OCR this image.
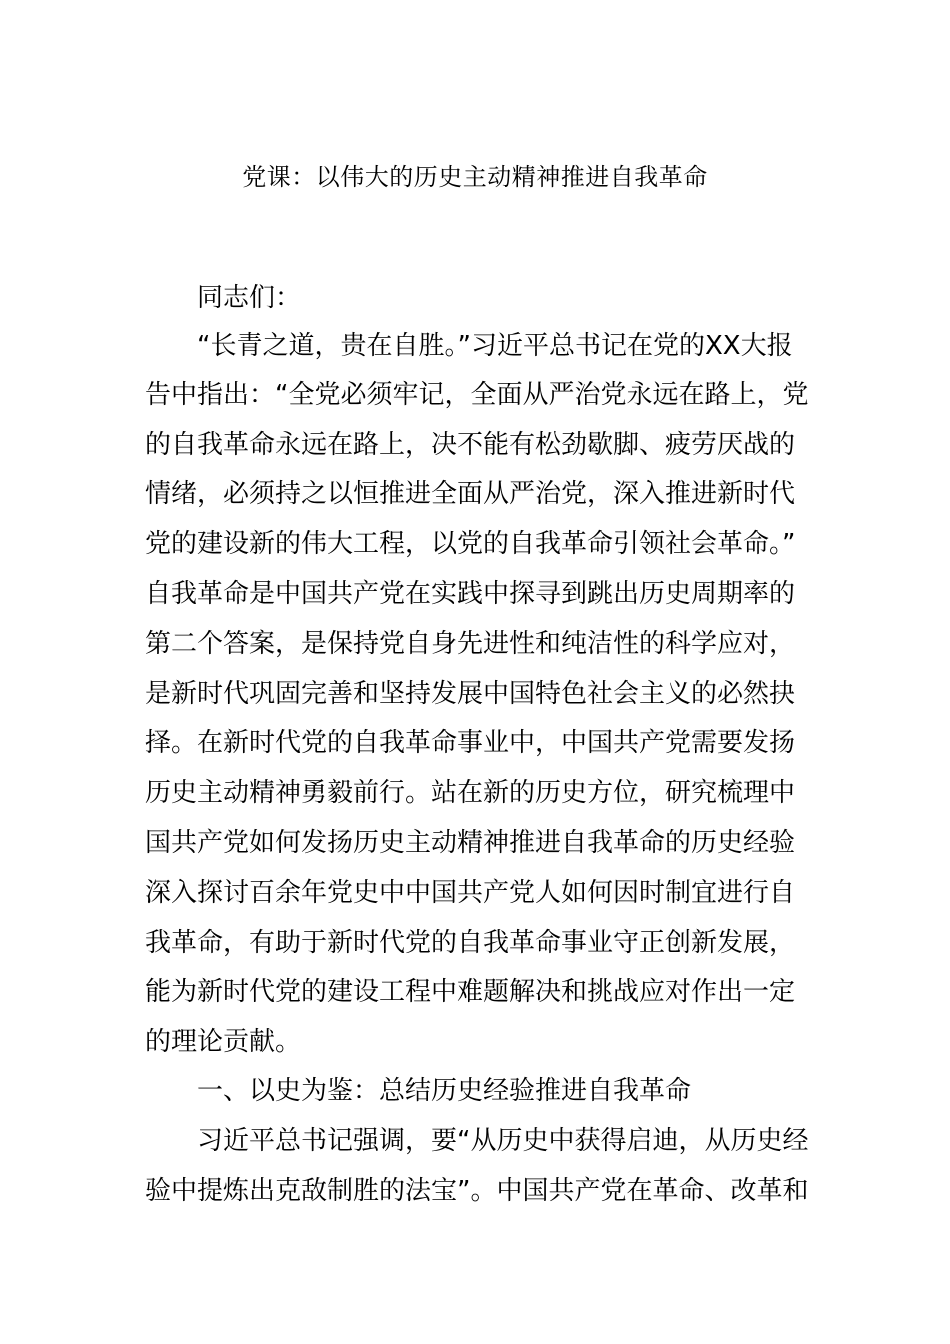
党课：以伟大的历史主动精神推进自我革命
同志们：
“长青之道，贵在自胜。”习近平总书记在党的XX大报
告中指出：“全党必须牢记，全面从严治党永远在路上，党
的自我革命永远在路上，决不能有松劲歇脚、疲劳厌战的
情绪，必须持之以恒推进全面从严治党，深入推进新时代
党的建设新的伟大工程，以党的自我革命引领社会革命。”
自我革命是中国共产党在实践中探寻到跳出历史周期率的
第二个答案，是保持党自身先进性和纯洁性的科学应对，
是新时代巩固完善和坚持发展中国特色社会主义的必然抉
择。在新时代党的自我革命事业中，中国共产党需要发扬
历史主动精神勇毅前行。站在新的历史方位，研究梳理中
国共产党如何发扬历史主动精神推进自我革命的历史经验
深入探讨百余年党史中中国共产党人如何因时制宜进行自
我革命，有助于新时代党的自我革命事业守正创新发展，
能为新时代党的建设工程中难题解决和挑战应对作出一定
的理论贡献。
一、以史为鉴：总结历史经验推进自我革命
习近平总书记强调，要“从历史中获得启迪，从历史经
验中提炼出克敌制胜的法宝”。中国共产党在革命、改革和
